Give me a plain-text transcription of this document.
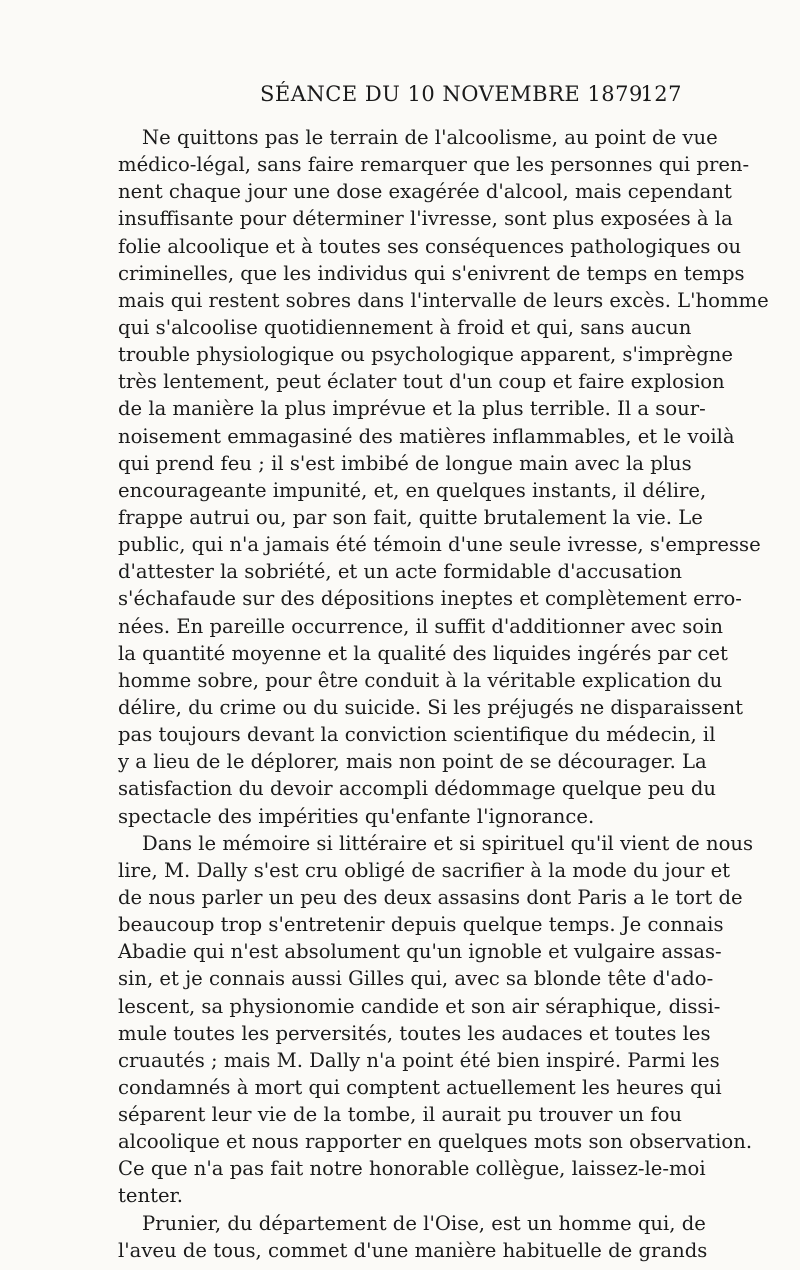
SÉANCE DU 10 NOVEMBRE 1879.
127
Ne quittons pas le terrain de l'alcoolisme, au point de vue
médico-légal, sans faire remarquer que les personnes qui pren-
nent chaque jour une dose exagérée d'alcool, mais cependant
insuffisante pour déterminer l'ivresse, sont plus exposées à la
folie alcoolique et à toutes ses conséquences pathologiques ou
criminelles, que les individus qui s'enivrent de temps en temps
mais qui restent sobres dans l'intervalle de leurs excès. L'homme
qui s'alcoolise quotidiennement à froid et qui, sans aucun
trouble physiologique ou psychologique apparent, s'imprègne
très lentement, peut éclater tout d'un coup et faire explosion
de la manière la plus imprévue et la plus terrible. Il a sour-
noisement emmagasiné des matières inflammables, et le voilà
qui prend feu ; il s'est imbibé de longue main avec la plus
encourageante impunité, et, en quelques instants, il délire,
frappe autrui ou, par son fait, quitte brutalement la vie. Le
public, qui n'a jamais été témoin d'une seule ivresse, s'empresse
d'attester la sobriété, et un acte formidable d'accusation
s'échafaude sur des dépositions ineptes et complètement erro-
nées. En pareille occurrence, il suffit d'additionner avec soin
la quantité moyenne et la qualité des liquides ingérés par cet
homme sobre, pour être conduit à la véritable explication du
délire, du crime ou du suicide. Si les préjugés ne disparaissent
pas toujours devant la conviction scientifique du médecin, il
y a lieu de le déplorer, mais non point de se décourager. La
satisfaction du devoir accompli dédommage quelque peu du
spectacle des impérities qu'enfante l'ignorance.
Dans le mémoire si littéraire et si spirituel qu'il vient de nous
lire, M. Dally s'est cru obligé de sacrifier à la mode du jour et
de nous parler un peu des deux assasins dont Paris a le tort de
beaucoup trop s'entretenir depuis quelque temps. Je connais
Abadie qui n'est absolument qu'un ignoble et vulgaire assas-
sin, et je connais aussi Gilles qui, avec sa blonde tête d'ado-
lescent, sa physionomie candide et son air séraphique, dissi-
mule toutes les perversités, toutes les audaces et toutes les
cruautés ; mais M. Dally n'a point été bien inspiré. Parmi les
condamnés à mort qui comptent actuellement les heures qui
séparent leur vie de la tombe, il aurait pu trouver un fou
alcoolique et nous rapporter en quelques mots son observation.
Ce que n'a pas fait notre honorable collègue, laissez-le-moi
tenter.
Prunier, du département de l'Oise, est un homme qui, de
l'aveu de tous, commet d'une manière habituelle de grands
